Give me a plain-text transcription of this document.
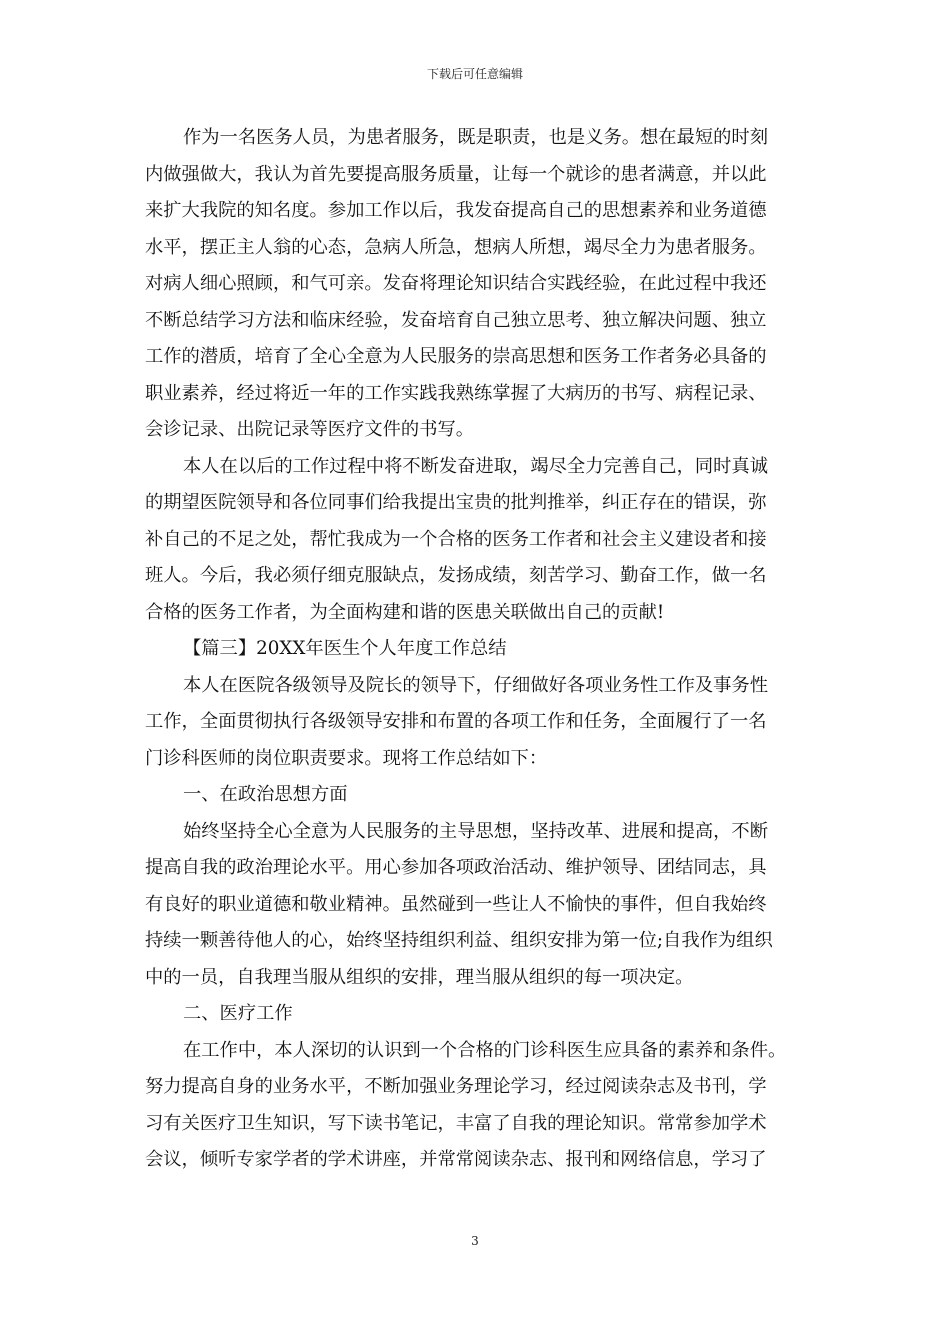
下载后可任意编辑
作为一名医务人员，为患者服务，既是职责，也是义务。想在最短的时刻
内做强做大，我认为首先要提高服务质量，让每一个就诊的患者满意，并以此
来扩大我院的知名度。参加工作以后，我发奋提高自己的思想素养和业务道德
水平，摆正主人翁的心态，急病人所急，想病人所想，竭尽全力为患者服务。
对病人细心照顾，和气可亲。发奋将理论知识结合实践经验，在此过程中我还
不断总结学习方法和临床经验，发奋培育自己独立思考、独立解决问题、独立
工作的潜质，培育了全心全意为人民服务的崇高思想和医务工作者务必具备的
职业素养，经过将近一年的工作实践我熟练掌握了大病历的书写、病程记录、
会诊记录、出院记录等医疗文件的书写。
本人在以后的工作过程中将不断发奋进取，竭尽全力完善自己，同时真诚
的期望医院领导和各位同事们给我提出宝贵的批判推举，纠正存在的错误，弥
补自己的不足之处，帮忙我成为一个合格的医务工作者和社会主义建设者和接
班人。今后，我必须仔细克服缺点，发扬成绩，刻苦学习、勤奋工作，做一名
合格的医务工作者，为全面构建和谐的医患关联做出自己的贡献!
【篇三】20XX年医生个人年度工作总结
本人在医院各级领导及院长的领导下，仔细做好各项业务性工作及事务性
工作，全面贯彻执行各级领导安排和布置的各项工作和任务，全面履行了一名
门诊科医师的岗位职责要求。现将工作总结如下：
一、在政治思想方面
始终坚持全心全意为人民服务的主导思想，坚持改革、进展和提高，不断
提高自我的政治理论水平。用心参加各项政治活动、维护领导、团结同志，具
有良好的职业道德和敬业精神。虽然碰到一些让人不愉快的事件，但自我始终
持续一颗善待他人的心，始终坚持组织利益、组织安排为第一位;自我作为组织
中的一员，自我理当服从组织的安排，理当服从组织的每一项决定。
二、医疗工作
在工作中，本人深切的认识到一个合格的门诊科医生应具备的素养和条件。
努力提高自身的业务水平，不断加强业务理论学习，经过阅读杂志及书刊，学
习有关医疗卫生知识，写下读书笔记，丰富了自我的理论知识。常常参加学术
会议，倾听专家学者的学术讲座，并常常阅读杂志、报刊和网络信息，学习了
3
